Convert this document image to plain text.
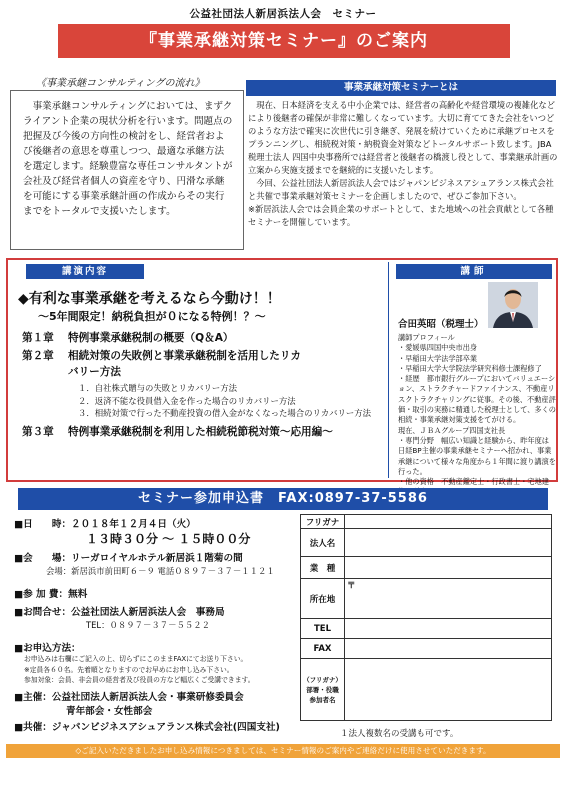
公益社団法人新居浜法人会　セミナー
『事業承継対策セミナー』のご案内
《事業承継コンサルティングの流れ》

事業承継コンサルティングにおいては、まずクライアント企業の現状分析を行います。問題点の把握及び今後の方向性の検討をし、経営者および後継者の意思を尊重しつつ、最適な承継方法を選定します。経験豊富な専任コンサルタントが会社及び経営者個人の資産を守り、円滑な承継を可能にする事業承継計画の作成からその実行までをトータルで支援いたします。

事業承継対策セミナーとは

現在、日本経済を支える中小企業では、経営者の高齢化や経営環境の複雑化などにより後継者の確保が非常に難しくなっています。大切に育ててきた会社をいつどのような方法で確実に次世代に引き継ぎ、発展を続けていくために承継プロセスをプランニングし、相続税対策・納税資金対策などトータルサポート致します。JBA税理士法人 四国中央事務所では経営者と後継者の橋渡し役として、事業継承計画の立案から実施支援までを継続的に支援いたします。

今回、公益社団法人新居浜法人会ではジャパンビジネスアシュアランス株式会社と共催で事業承継対策セミナーを企画しましたので、ぜひご参加下さい。

※新居浜法人会では会員企業のサポートとして、また地域への社会貢献として各種セミナーを開催しています。

講演内容
◆有利な事業承継を考えるなら今動け！！
～5年間限定！納税負担が０になる特例！？～
第１章 特例事業承継税制の概要（Q＆A）
第２章	相続対策の失敗例と事業承継税制を活用したリカバリー方法
１．自社株式贈与の失敗とリカバリー方法
２．返済不能な役員借入金を作った場合のリカバリー方法
３．相続対策で行った不動産投資の借入金がなくなった場合のリカバリー方法
第３章	特例事業承継税制を利用した相続税節税対策～応用編～
講師
合田英昭（税理士）
講師プロフィール
・愛媛県四国中央市出身
・早稲田大学法学部卒業
・早稲田大学大学院法学研究科修士課程修了
・経歴　都市銀行グループにおいてバリュエーション、ストラクチャードファイナンス、不動産リスクトラクチャリングに従事。その後、不動産評価・取引の実務に精通した税理士として、多くの相続・事業承継対策支援をてがける。
現在、ＪＢＡグループ四国支社長
・専門分野　幅広い知識と経験から、昨年度は日経BP主催の事業承継セミナーへ招かれ、事業承継について様々な角度から１年間に渡り講演を行った。
・他の資格　不動産鑑定士・行政書士・宅地建
セミナー参加申込書　FAX:0897-37-5586
■日　　時：２０１８年１２月４日（火）
１３時３０分 ～ １５時００分
■会　　場：リーガロイヤルホテル新居浜１階菊の間
会場：新居浜市前田町６－９ 電話０８９７－３７－１１２１
■参 加 費：無料
■お問合せ：公益社団法人新居浜法人会　事務局
TEL：０８９７－３７－５５２２
■お申込方法：
お申込みは右欄にご記入の上、切らずにこのままFAXにてお送り下さい。
※定員各６０名。先着順となりますのでお早めにお申し込み下さい。
参加対象：会員、非会員の経営者及び役員の方など幅広くご受講できます。
■主催：公益社団法人新居浜法人会・事業研修委員会
青年部会・女性部会
■共催：ジャパンビジネスアシュアランス株式会社(四国支社)
フリガナ	
法人名	
業　種	
所在地	〒
TEL	
FAX	

（フリガナ）
部署・役職
参加者名	

１法人複数名の受講も可です。
◇ご記入いただきましたお申し込み情報につきましては、セミナー情報のご案内やご連絡だけに使用させていただきます。
